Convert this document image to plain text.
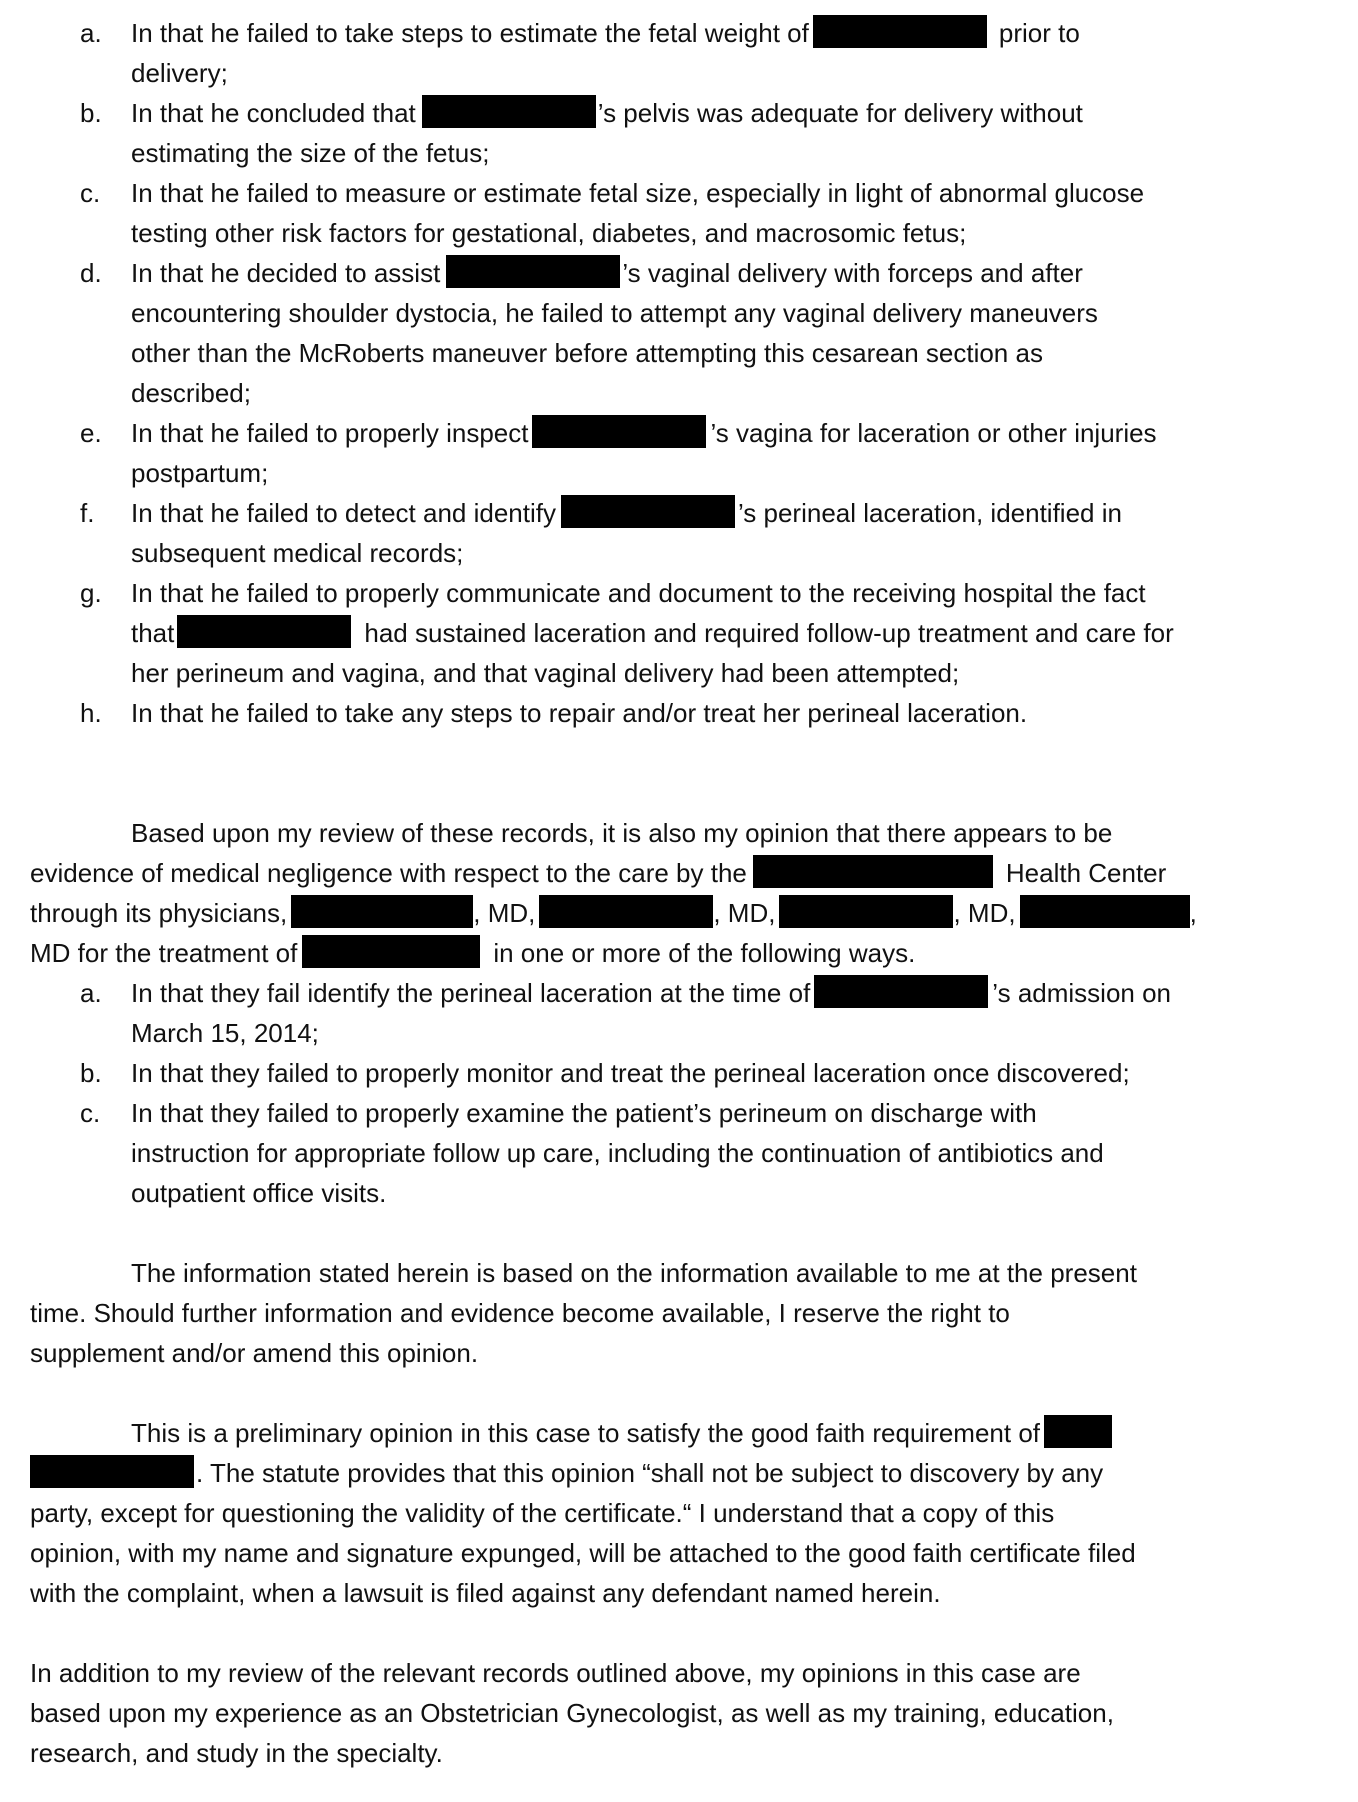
a.	In that he failed to take steps to estimate the fetal weight of	prior to
delivery;
b.	In that he concluded that	’s pelvis was adequate for delivery without
estimating the size of the fetus;
c.	In that he failed to measure or estimate fetal size, especially in light of abnormal glucose
testing other risk factors for gestational, diabetes, and macrosomic fetus;
d.	In that he decided to assist	’s vaginal delivery with forceps and after
encountering shoulder dystocia, he failed to attempt any vaginal delivery maneuvers
other than the McRoberts maneuver before attempting this cesarean section as
described;
e.	In that he failed to properly inspect	’s vagina for laceration or other injuries
postpartum;
f.	In that he failed to detect and identify	’s perineal laceration, identified in
subsequent medical records;
g.	In that he failed to properly communicate and document to the receiving hospital the fact
that	had sustained laceration and required follow-up treatment and care for
her perineum and vagina, and that vaginal delivery had been attempted;
h.	In that he failed to take any steps to repair and/or treat her perineal laceration.
Based upon my review of these records, it is also my opinion that there appears to be
evidence of medical negligence with respect to the care by the	Health Center
through its physicians,	, MD,	, MD,	, MD,	,
MD for the treatment of	in one or more of the following ways.
a.	In that they fail identify the perineal laceration at the time of	’s admission on
March 15, 2014;
b.	In that they failed to properly monitor and treat the perineal laceration once discovered;
c.	In that they failed to properly examine the patient’s perineum on discharge with
instruction for appropriate follow up care, including the continuation of antibiotics and
outpatient office visits.
The information stated herein is based on the information available to me at the present
time. Should further information and evidence become available, I reserve the right to
supplement and/or amend this opinion.
This is a preliminary opinion in this case to satisfy the good faith requirement of
. The statute provides that this opinion “shall not be subject to discovery by any
party, except for questioning the validity of the certificate.“ I understand that a copy of this
opinion, with my name and signature expunged, will be attached to the good faith certificate filed
with the complaint, when a lawsuit is filed against any defendant named herein.
In addition to my review of the relevant records outlined above, my opinions in this case are
based upon my experience as an Obstetrician Gynecologist, as well as my training, education,
research, and study in the specialty.
